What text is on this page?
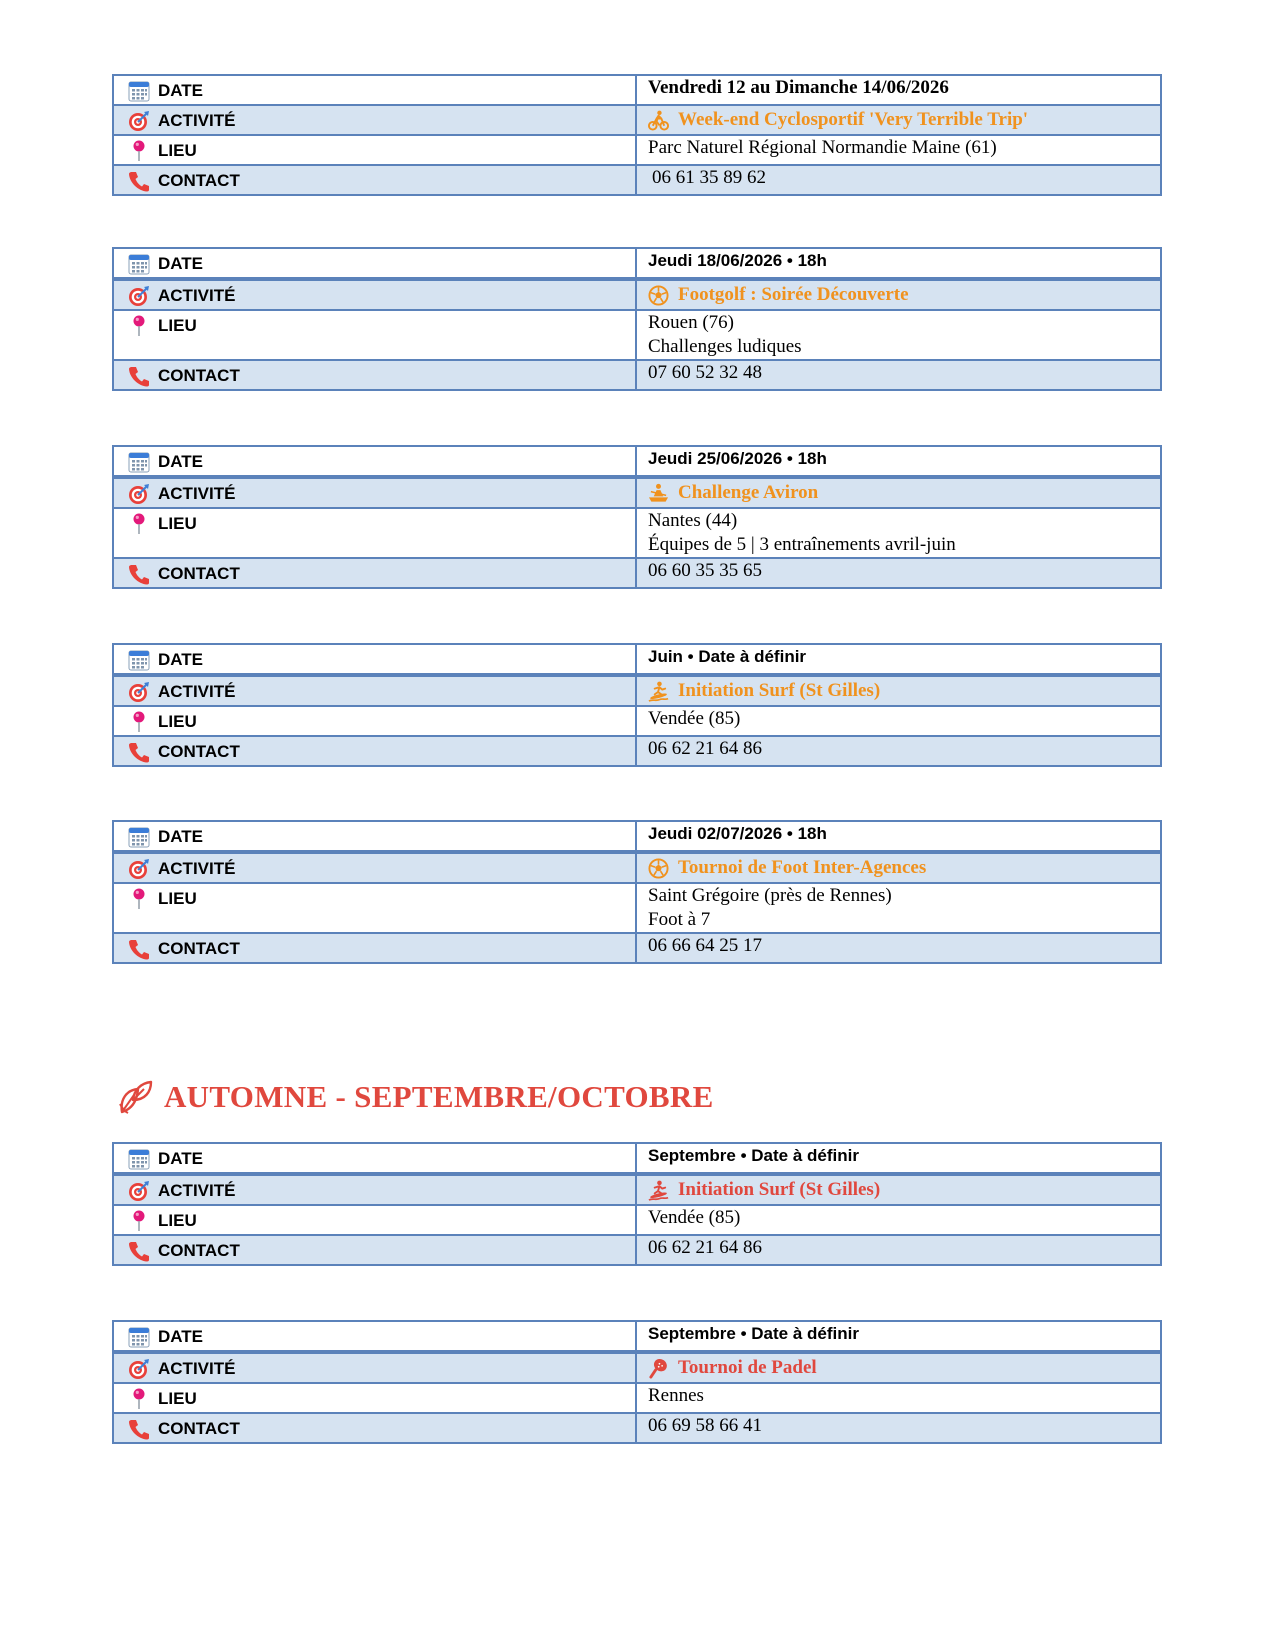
DATE	Vendredi 12 au Dimanche 14/06/2026

ACTIVITÉ	Week-end Cyclosportif 'Very Terrible Trip'

LIEU	Parc Naturel Régional Normandie Maine (61)

CONTACT	06 61 35 89 62
DATE	Jeudi 18/06/2026 • 18h

ACTIVITÉ	Footgolf : Soirée Découverte

LIEU	Rouen (76)
Challenges ludiques

CONTACT	07 60 52 32 48
DATE	Jeudi 25/06/2026 • 18h

ACTIVITÉ	Challenge Aviron

LIEU	Nantes (44)
Équipes de 5 | 3 entraînements avril-juin

CONTACT	06 60 35 35 65
DATE	Juin • Date à définir

ACTIVITÉ	Initiation Surf (St Gilles)

LIEU	Vendée (85)

CONTACT	06 62 21 64 86
DATE	Jeudi 02/07/2026 • 18h

ACTIVITÉ	Tournoi de Foot Inter-Agences

LIEU	Saint Grégoire (près de Rennes)
Foot à 7

CONTACT	06 66 64 25 17
AUTOMNE - SEPTEMBRE/OCTOBRE
DATE	Septembre • Date à définir

ACTIVITÉ	Initiation Surf (St Gilles)

LIEU	Vendée (85)

CONTACT	06 62 21 64 86
DATE	Septembre • Date à définir

ACTIVITÉ	Tournoi de Padel

LIEU	Rennes

CONTACT	06 69 58 66 41
